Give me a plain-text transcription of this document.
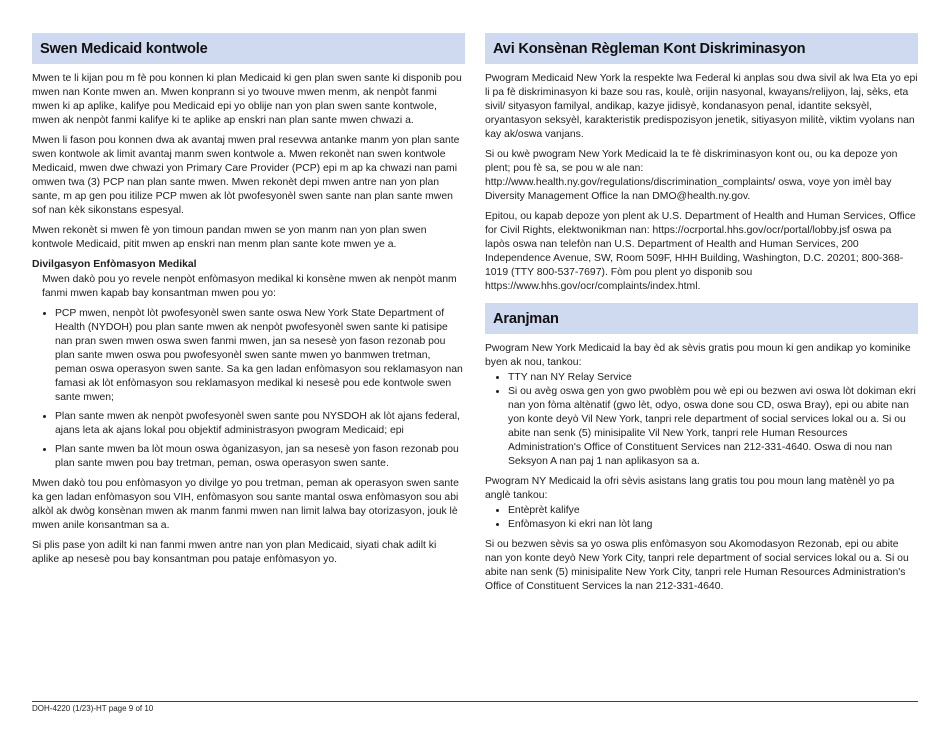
Swen Medicaid kontwole

Mwen te li kijan pou m fè pou konnen ki plan Medicaid ki gen plan swen sante ki disponib pou mwen nan Konte mwen an. Mwen konprann si yo twouve mwen menm, ak nenpòt fanmi mwen ki ap aplike, kalifye pou Medicaid epi yo oblije nan yon plan swen sante kontwole, mwen ak nenpòt fanmi kalifye ki te aplike ap enskri nan plan sante mwen chwazi a.

Mwen li fason pou konnen dwa ak avantaj mwen pral resevwa antanke manm yon plan sante swen kontwole ak limit avantaj manm swen kontwole a. Mwen rekonèt nan swen kontwole Medicaid, mwen dwe chwazi yon Primary Care Provider (PCP) epi m ap ka chwazi nan pami omwen twa (3) PCP nan plan sante mwen. Mwen rekonèt depi mwen antre nan yon plan sante, m ap gen pou itilize PCP mwen ak lòt pwofesyonèl swen sante nan plan sante mwen sof nan kèk sikonstans espesyal.

Mwen rekonèt si mwen fè yon timoun pandan mwen se yon manm nan yon plan swen kontwole Medicaid, pitit mwen ap enskri nan menm plan sante kote mwen ye a.

Divilgasyon Enfòmasyon Medikal

Mwen dakò pou yo revele nenpòt enfòmasyon medikal ki konsène mwen ak nenpòt manm fanmi mwen kapab bay konsantman mwen pou yo:

• PCP mwen, nenpòt lòt pwofesyonèl swen sante oswa New York State Department of Health (NYDOH) pou plan sante mwen ak nenpòt pwofesyonèl swen sante ki patisipe nan pran swen mwen oswa swen fanmi mwen, jan sa nesesè yon fason rezonab pou plan sante mwen oswa pou pwofesyonèl swen sante mwen yo banmwen tretman, peman oswa operasyon swen sante. Sa ka gen ladan enfòmasyon sou reklamasyon nan famasi ak lòt enfòmasyon sou reklamasyon medikal ki nesesè pou ede kontwole swen sante mwen;
• Plan sante mwen ak nenpòt pwofesyonèl swen sante pou NYSDOH ak lòt ajans federal, ajans leta ak ajans lokal pou objektif administrasyon pwogram Medicaid; epi
• Plan sante mwen ba lòt moun oswa òganizasyon, jan sa nesesè yon fason rezonab pou plan sante mwen pou bay tretman, peman, oswa operasyon swen sante.

Mwen dakò tou pou enfòmasyon yo divilge yo pou tretman, peman ak operasyon swen sante ka gen ladan enfòmasyon sou VIH, enfòmasyon sou sante mantal oswa enfòmasyon sou abi alkòl ak dwòg konsènan mwen ak manm fanmi mwen nan limit lalwa bay otorizasyon, jouk lè mwen anile konsantman sa a.

Si plis pase yon adilt ki nan fanmi mwen antre nan yon plan Medicaid, siyati chak adilt ki aplike ap nesesè pou bay konsantman pou pataje enfòmasyon yo.

Avi Konsènan Règleman Kont Diskriminasyon

Pwogram Medicaid New York la respekte lwa Federal ki anplas sou dwa sivil ak lwa Eta yo epi li pa fè diskriminasyon ki baze sou ras, koulè, orijin nasyonal, kwayans/relijyon, laj, sèks, eta sivil/ sityasyon familyal, andikap, kazye jidisyè, kondanasyon penal, idantite seksyèl, oryantasyon seksyèl, karakteristik predispozisyon jenetik, sitiyasyon militè, viktim vyolans nan kay ak/oswa vanjans.

Si ou kwè pwogram New York Medicaid la te fè diskriminasyon kont ou, ou ka depoze yon plent; pou fè sa, se pou w ale nan: http://www.health.ny.gov/regulations/discrimination_complaints/ oswa, voye yon imèl bay Diversity Management Office la nan DMO@health.ny.gov.

Epitou, ou kapab depoze yon plent ak U.S. Department of Health and Human Services, Office for Civil Rights, elektwonikman nan: https://ocrportal.hhs.gov/ocr/portal/lobby.jsf oswa pa lapòs oswa nan telefòn nan U.S. Department of Health and Human Services, 200 Independence Avenue, SW, Room 509F, HHH Building, Washington, D.C. 20201; 800-368-1019 (TTY 800-537-7697). Fòm pou plent yo disponib sou https://www.hhs.gov/ocr/complaints/index.html.

Aranjman

Pwogram New York Medicaid la bay èd ak sèvis gratis pou moun ki gen andikap yo kominike byen ak nou, tankou:

• TTY nan NY Relay Service
• Si ou avèg oswa gen yon gwo pwoblèm pou wè epi ou bezwen avi oswa lòt dokiman ekri nan yon fòma altènatif (gwo lèt, odyo, oswa done sou CD, oswa Bray), epi ou abite nan yon konte deyò Vil New York, tanpri rele department of social services lokal ou a. Si ou abite nan senk (5) minisipalite Vil New York, tanpri rele Human Resources Administration's Office of Constituent Services nan 212-331-4640. Oswa di nou nan Seksyon A nan paj 1 nan aplikasyon sa a.

Pwogram NY Medicaid la ofri sèvis asistans lang gratis tou pou moun lang matènèl yo pa anglè tankou:

• Entèprèt kalifye
• Enfòmasyon ki ekri nan lòt lang

Si ou bezwen sèvis sa yo oswa plis enfòmasyon sou Akomodasyon Rezonab, epi ou abite nan yon konte deyò New York City, tanpri rele department of social services lokal ou a. Si ou abite nan senk (5) minisipalite New York City, tanpri rele Human Resources Administration's Office of Constituent Services la nan 212-331-4640.

DOH-4220 (1/23)-HT page 9 of 10
